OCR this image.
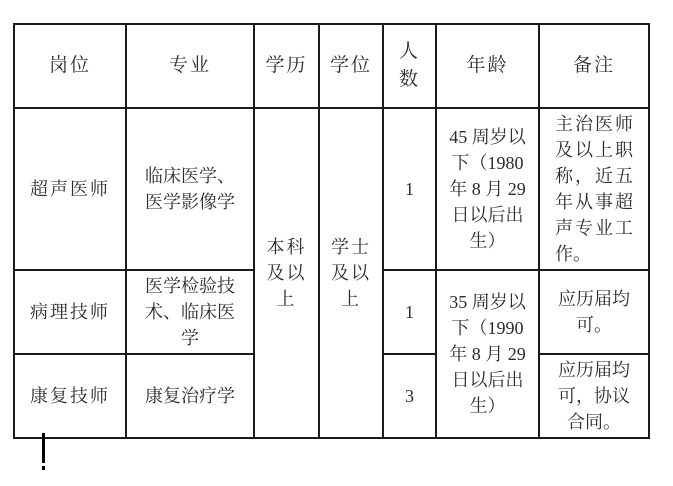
岗位	专业	学历	学位	人数	年龄	备注
超声医师	临床医学、医学影像学	本科及以上	学士及以上	1	45 周岁以下（1980 年 8 月 29 日以后出生）	主治医师及以上职称，近五年从事超声专业工作。
病理技师	医学检验技术、临床医学			1	35 周岁以下（1990 年 8 月 29 日以后出生）	应历届均可。
康复技师	康复治疗学			3		应历届均可，协议合同。
